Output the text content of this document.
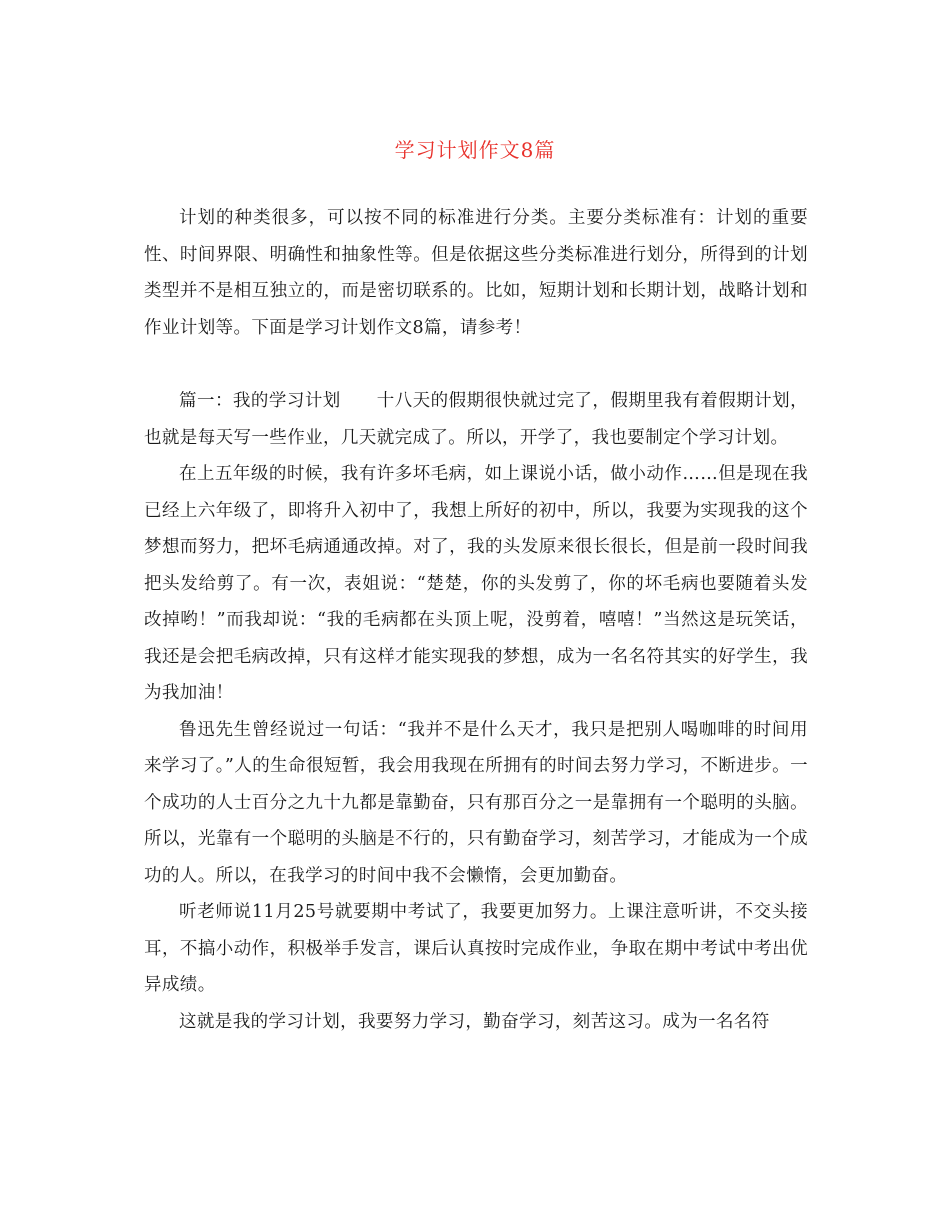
学习计划作文8篇

计划的种类很多，可以按不同的标准进行分类。主要分类标准有：计划的重要性、时间界限、明确性和抽象性等。但是依据这些分类标准进行划分，所得到的计划类型并不是相互独立的，而是密切联系的。比如，短期计划和长期计划，战略计划和作业计划等。下面是学习计划作文8篇，请参考！

篇一：我的学习计划　　十八天的假期很快就过完了，假期里我有着假期计划，也就是每天写一些作业，几天就完成了。所以，开学了，我也要制定个学习计划。

在上五年级的时候，我有许多坏毛病，如上课说小话，做小动作……但是现在我已经上六年级了，即将升入初中了，我想上所好的初中，所以，我要为实现我的这个梦想而努力，把坏毛病通通改掉。对了，我的头发原来很长很长，但是前一段时间我把头发给剪了。有一次，表姐说：“楚楚，你的头发剪了，你的坏毛病也要随着头发改掉哟！”而我却说：“我的毛病都在头顶上呢，没剪着，嘻嘻！”当然这是玩笑话，我还是会把毛病改掉，只有这样才能实现我的梦想，成为一名名符其实的好学生，我为我加油！

鲁迅先生曾经说过一句话：“我并不是什么天才，我只是把别人喝咖啡的时间用来学习了。”人的生命很短暂，我会用我现在所拥有的时间去努力学习，不断进步。一个成功的人士百分之九十九都是靠勤奋，只有那百分之一是靠拥有一个聪明的头脑。所以，光靠有一个聪明的头脑是不行的，只有勤奋学习，刻苦学习，才能成为一个成功的人。所以，在我学习的时间中我不会懒惰，会更加勤奋。

听老师说11月25号就要期中考试了，我要更加努力。上课注意听讲，不交头接耳，不搞小动作，积极举手发言，课后认真按时完成作业，争取在期中考试中考出优异成绩。

这就是我的学习计划，我要努力学习，勤奋学习，刻苦这习。成为一名名符
